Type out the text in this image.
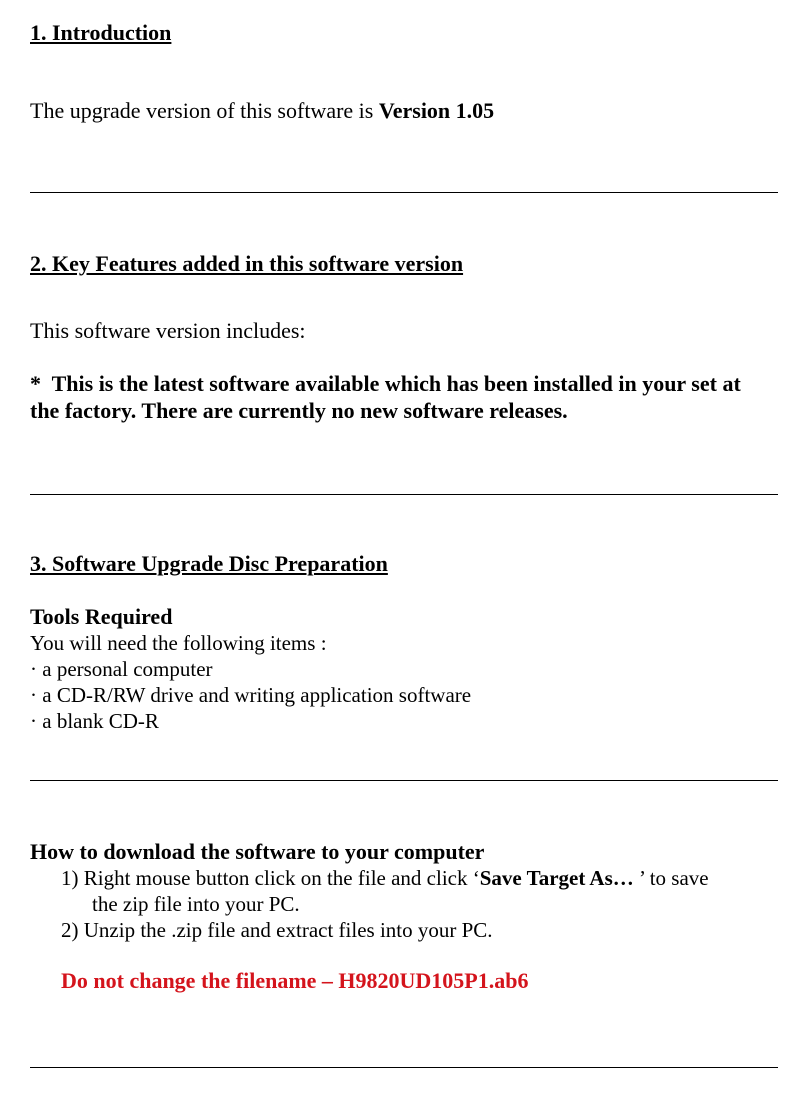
1. Introduction
The upgrade version of this software is Version 1.05
2. Key Features added in this software version
This software version includes:
* This is the latest software available which has been installed in your set at the factory. There are currently no new software releases.
3. Software Upgrade Disc Preparation
Tools Required
You will need the following items :
· a personal computer
· a CD-R/RW drive and writing application software
· a blank CD-R
How to download the software to your computer
1) Right mouse button click on the file and click ‘Save Target As… ’ to save
the zip file into your PC.
2) Unzip the .zip file and extract files into your PC.
Do not change the filename – H9820UD105P1.ab6
